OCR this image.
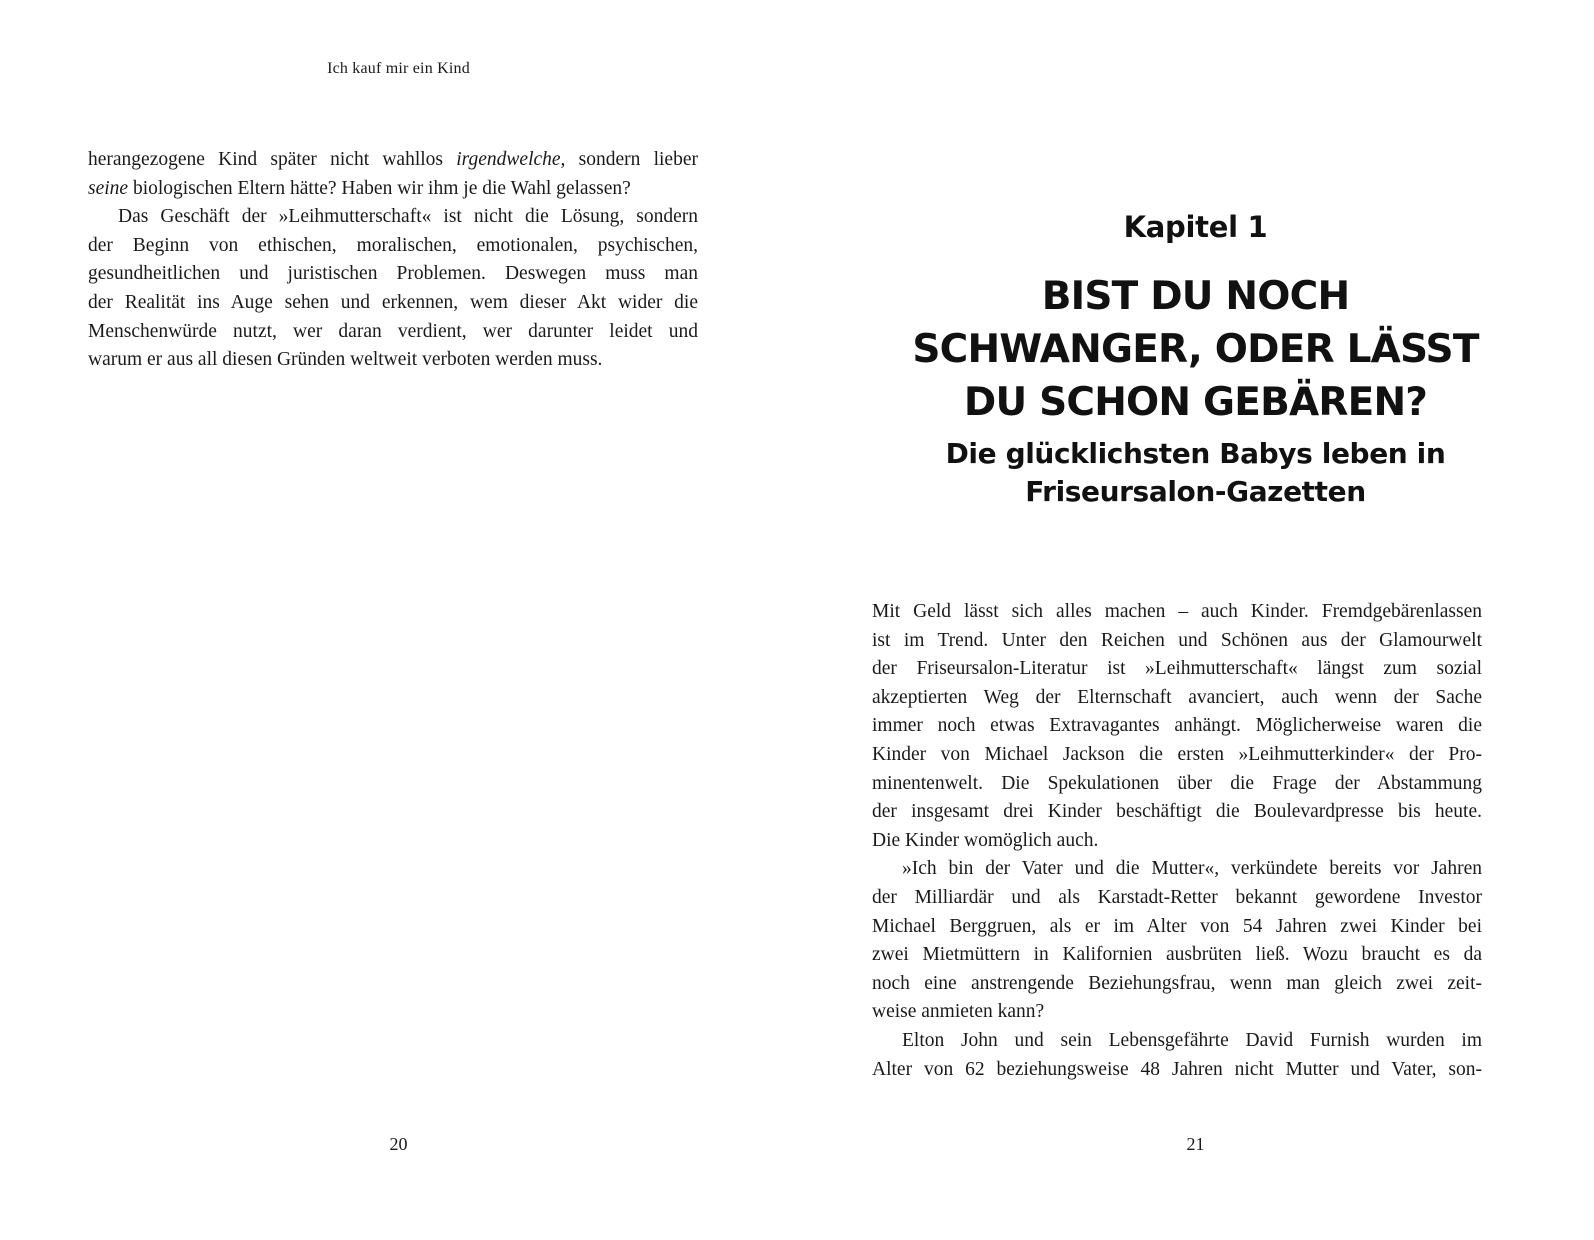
Ich kauf mir ein Kind
herangezogene Kind später nicht wahllos irgendwelche, sondern lieber
seine biologischen Eltern hätte? Haben wir ihm je die Wahl gelassen?
Das Geschäft der »Leihmutterschaft« ist nicht die Lösung, sondern
der Beginn von ethischen, moralischen, emotionalen, psychischen,
gesundheitlichen und juristischen Problemen. Deswegen muss man
der Realität ins Auge sehen und erkennen, wem dieser Akt wider die
Menschenwürde nutzt, wer daran verdient, wer darunter leidet und
warum er aus all diesen Gründen weltweit verboten werden muss.
20
Kapitel 1
BIST DU NOCH
SCHWANGER, ODER LÄSST
DU SCHON GEBÄREN?
Die glücklichsten Babys leben in
Friseursalon-Gazetten
Mit Geld lässt sich alles machen – auch Kinder. Fremdgebärenlassen
ist im Trend. Unter den Reichen und Schönen aus der Glamourwelt
der Friseursalon-Literatur ist »Leihmutterschaft« längst zum sozial
akzeptierten Weg der Elternschaft avanciert, auch wenn der Sache
immer noch etwas Extravagantes anhängt. Möglicherweise waren die
Kinder von Michael Jackson die ersten »Leihmutterkinder« der Pro-
minentenwelt. Die Spekulationen über die Frage der Abstammung
der insgesamt drei Kinder beschäftigt die Boulevardpresse bis heute.
Die Kinder womöglich auch.
»Ich bin der Vater und die Mutter«, verkündete bereits vor Jahren
der Milliardär und als Karstadt-Retter bekannt gewordene Investor
Michael Berggruen, als er im Alter von 54 Jahren zwei Kinder bei
zwei Mietmüttern in Kalifornien ausbrüten ließ. Wozu braucht es da
noch eine anstrengende Beziehungsfrau, wenn man gleich zwei zeit-
weise anmieten kann?
Elton John und sein Lebensgefährte David Furnish wurden im
Alter von 62 beziehungsweise 48 Jahren nicht Mutter und Vater, son-
21
